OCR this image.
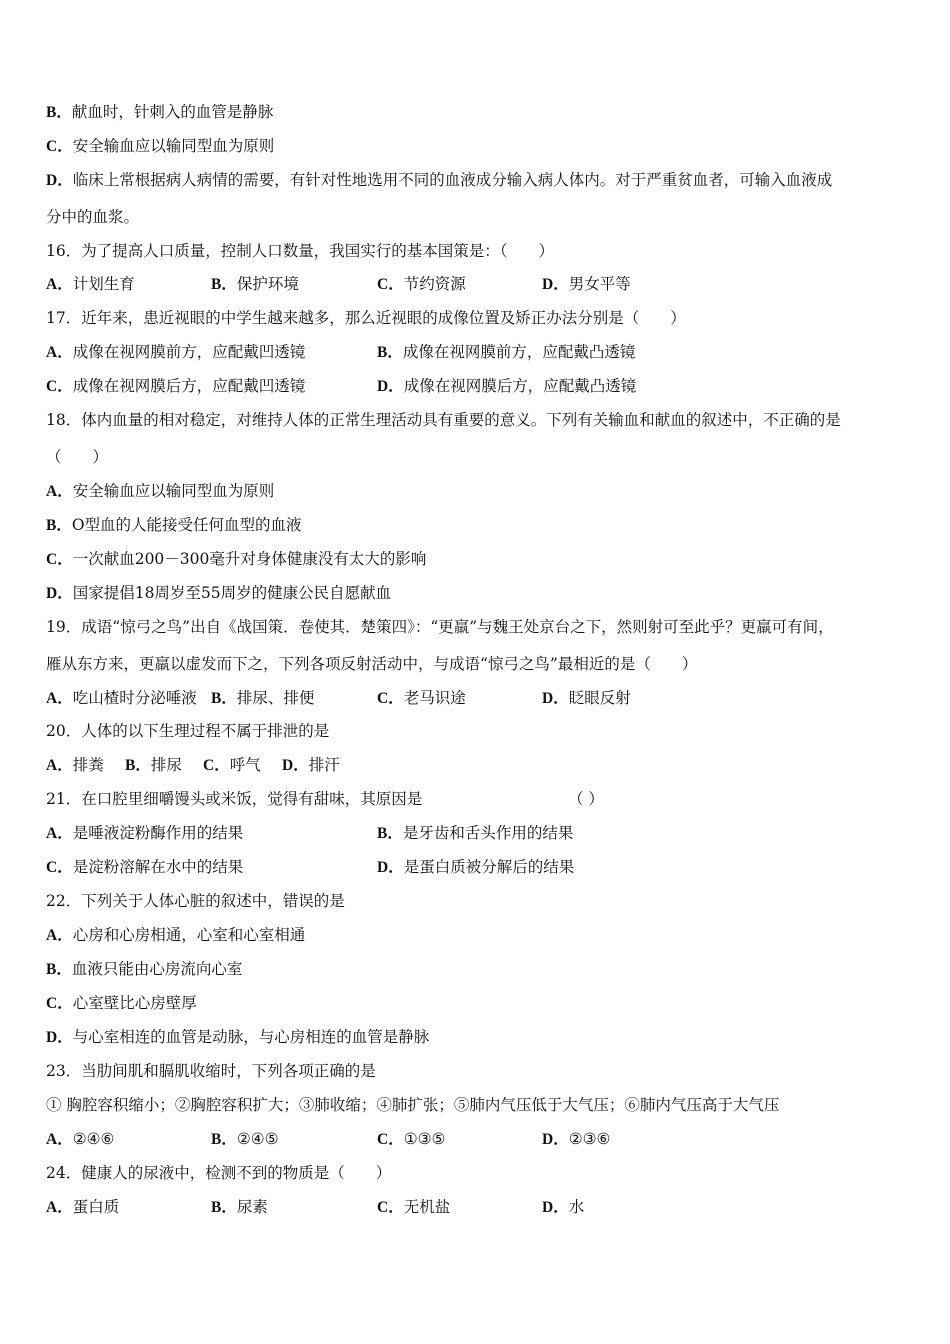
B．献血时，针刺入的血管是静脉
C．安全输血应以输同型血为原则
D．临床上常根据病人病情的需要，有针对性地选用不同的血液成分输入病人体内。对于严重贫血者，可输入血液成
分中的血浆。
16．为了提高人口质量，控制人口数量，我国实行的基本国策是：（　　）
A．计划生育	B．保护环境	C．节约资源	D．男女平等
17．近年来，患近视眼的中学生越来越多，那么近视眼的成像位置及矫正办法分别是（　　）
A．成像在视网膜前方，应配戴凹透镜	B．成像在视网膜前方，应配戴凸透镜
C．成像在视网膜后方，应配戴凹透镜	D．成像在视网膜后方，应配戴凸透镜
18．体内血量的相对稳定，对维持人体的正常生理活动具有重要的意义。下列有关输血和献血的叙述中，不正确的是
（　　）
A．安全输血应以输同型血为原则
B．O型血的人能接受任何血型的血液
C．一次献血200－300毫升对身体健康没有太大的影响
D．国家提倡18周岁至55周岁的健康公民自愿献血
19．成语“惊弓之鸟”出自《战国策．卷使其．楚策四》：“更羸”与魏王处京台之下，然则射可至此乎？更羸可有间，
雁从东方来，更羸以虚发而下之，下列各项反射活动中，与成语“惊弓之鸟”最相近的是（　　）
A．吃山楂时分泌唾液 B．排尿、排便	C．老马识途	D．眨眼反射
20．人体的以下生理过程不属于排泄的是
A．排粪 B．排尿 C．呼气 D．排汗
21．在口腔里细嚼馒头或米饭，觉得有甜味，其原因是	（ ）
A．是唾液淀粉酶作用的结果	B．是牙齿和舌头作用的结果
C．是淀粉溶解在水中的结果	D．是蛋白质被分解后的结果
22．下列关于人体心脏的叙述中，错误的是
A．心房和心房相通，心室和心室相通
B．血液只能由心房流向心室
C．心室壁比心房壁厚
D．与心室相连的血管是动脉，与心房相连的血管是静脉
23．当肋间肌和膈肌收缩时，下列各项正确的是
① 胸腔容积缩小；②胸腔容积扩大；③肺收缩；④肺扩张；⑤肺内气压低于大气压；⑥肺内气压高于大气压
A．②④⑥	B．②④⑤	C．①③⑤	D．②③⑥
24．健康人的尿液中，检测不到的物质是（　　）
A．蛋白质	B．尿素	C．无机盐	D．水
